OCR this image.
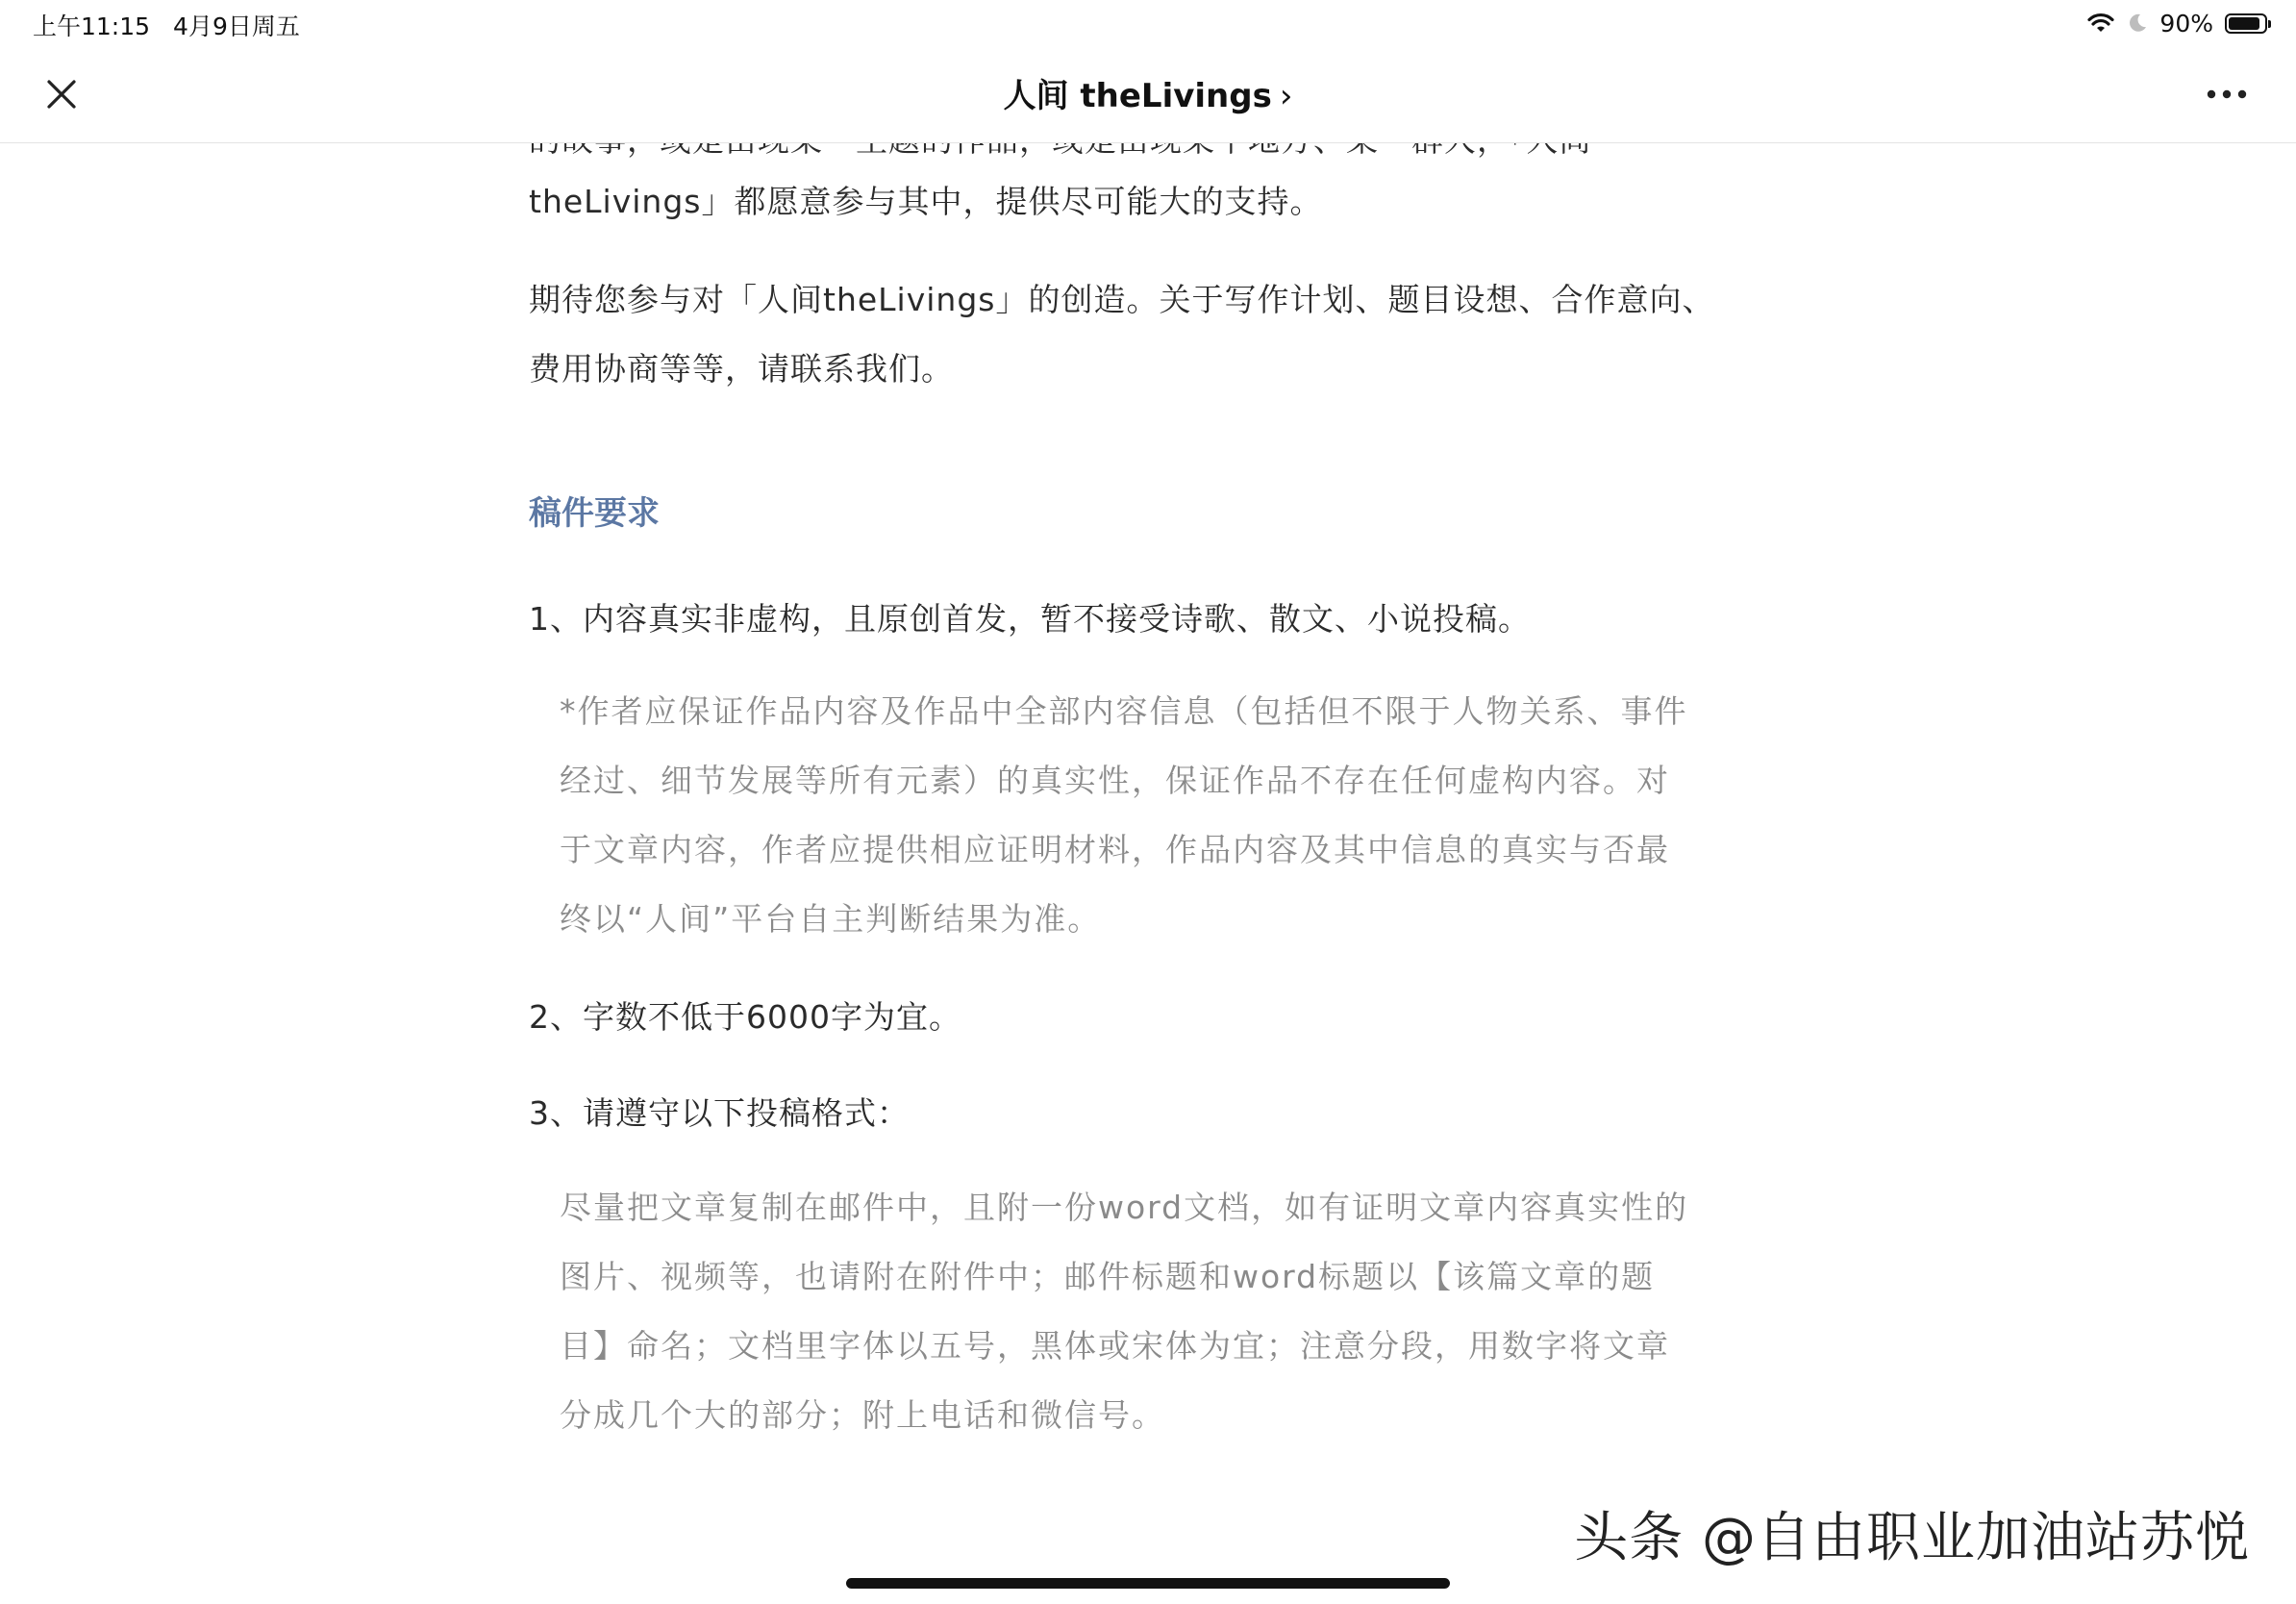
上午11:15 4月9日周五	90%
人间 theLivings ›

theLivings」都愿意参与其中，提供尽可能大的支持。

期待您参与对「人间theLivings」的创造。关于写作计划、题目设想、合作意向、

费用协商等等，请联系我们。

稿件要求

1、内容真实非虚构，且原创首发，暂不接受诗歌、散文、小说投稿。

*作者应保证作品内容及作品中全部内容信息（包括但不限于人物关系、事件

经过、细节发展等所有元素）的真实性，保证作品不存在任何虚构内容。对

于文章内容，作者应提供相应证明材料，作品内容及其中信息的真实与否最

终以“人间”平台自主判断结果为准。

2、字数不低于6000字为宜。

3、请遵守以下投稿格式：

尽量把文章复制在邮件中，且附一份word文档，如有证明文章内容真实性的

图片、视频等，也请附在附件中；邮件标题和word标题以【该篇文章的题

目】命名；文档里字体以五号，黑体或宋体为宜；注意分段，用数字将文章

分成几个大的部分；附上电话和微信号。

头条 @自由职业加油站苏悦
